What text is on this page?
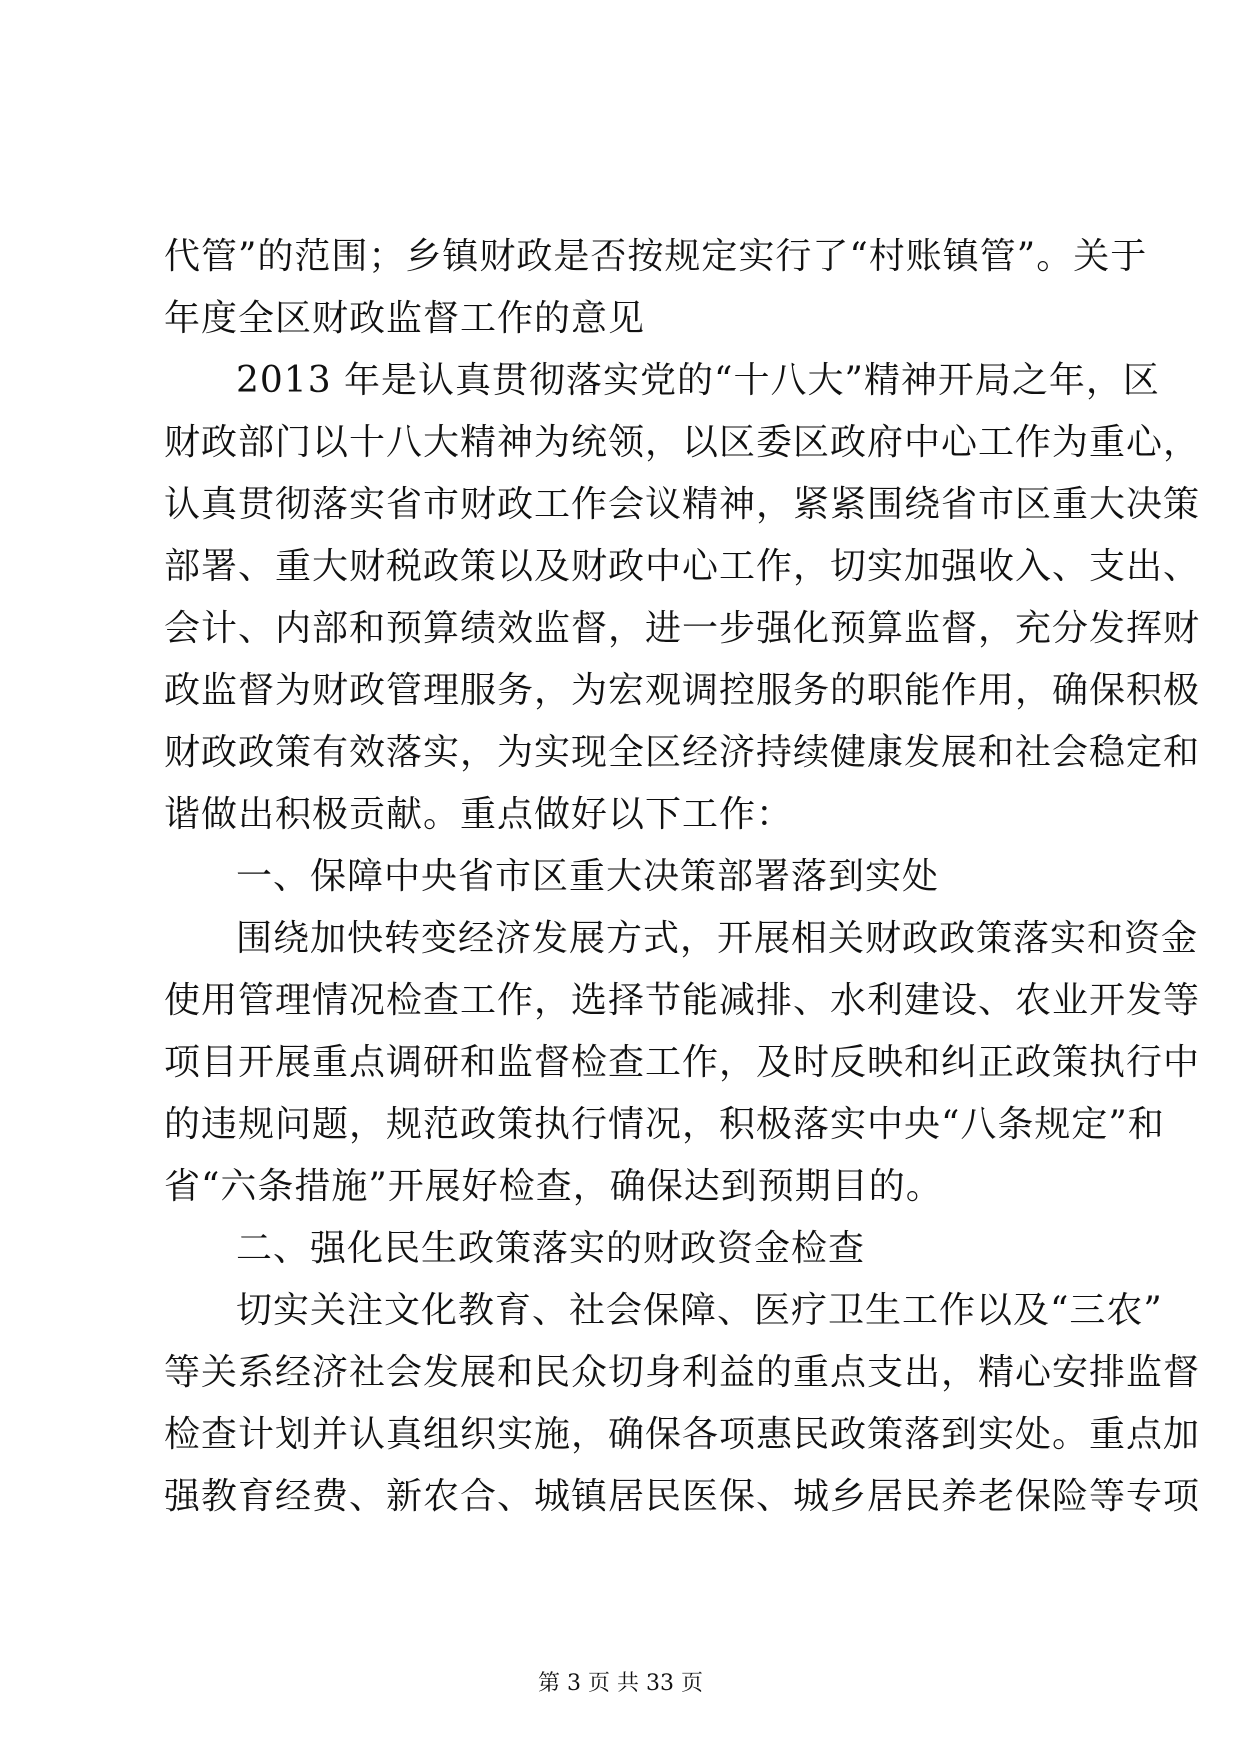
代管”的范围；乡镇财政是否按规定实行了“村账镇管”。关于
年度全区财政监督工作的意见
2013 年是认真贯彻落实党的“十八大”精神开局之年，区
财政部门以十八大精神为统领，以区委区政府中心工作为重心，
认真贯彻落实省市财政工作会议精神，紧紧围绕省市区重大决策
部署、重大财税政策以及财政中心工作，切实加强收入、支出、
会计、内部和预算绩效监督，进一步强化预算监督，充分发挥财
政监督为财政管理服务，为宏观调控服务的职能作用，确保积极
财政政策有效落实，为实现全区经济持续健康发展和社会稳定和
谐做出积极贡献。重点做好以下工作：
一、保障中央省市区重大决策部署落到实处
围绕加快转变经济发展方式，开展相关财政政策落实和资金
使用管理情况检查工作，选择节能减排、水利建设、农业开发等
项目开展重点调研和监督检查工作，及时反映和纠正政策执行中
的违规问题，规范政策执行情况，积极落实中央“八条规定”和
省“六条措施”开展好检查，确保达到预期目的。
二、强化民生政策落实的财政资金检查
切实关注文化教育、社会保障、医疗卫生工作以及“三农”
等关系经济社会发展和民众切身利益的重点支出，精心安排监督
检查计划并认真组织实施，确保各项惠民政策落到实处。重点加
强教育经费、新农合、城镇居民医保、城乡居民养老保险等专项
第 3 页 共 33 页
